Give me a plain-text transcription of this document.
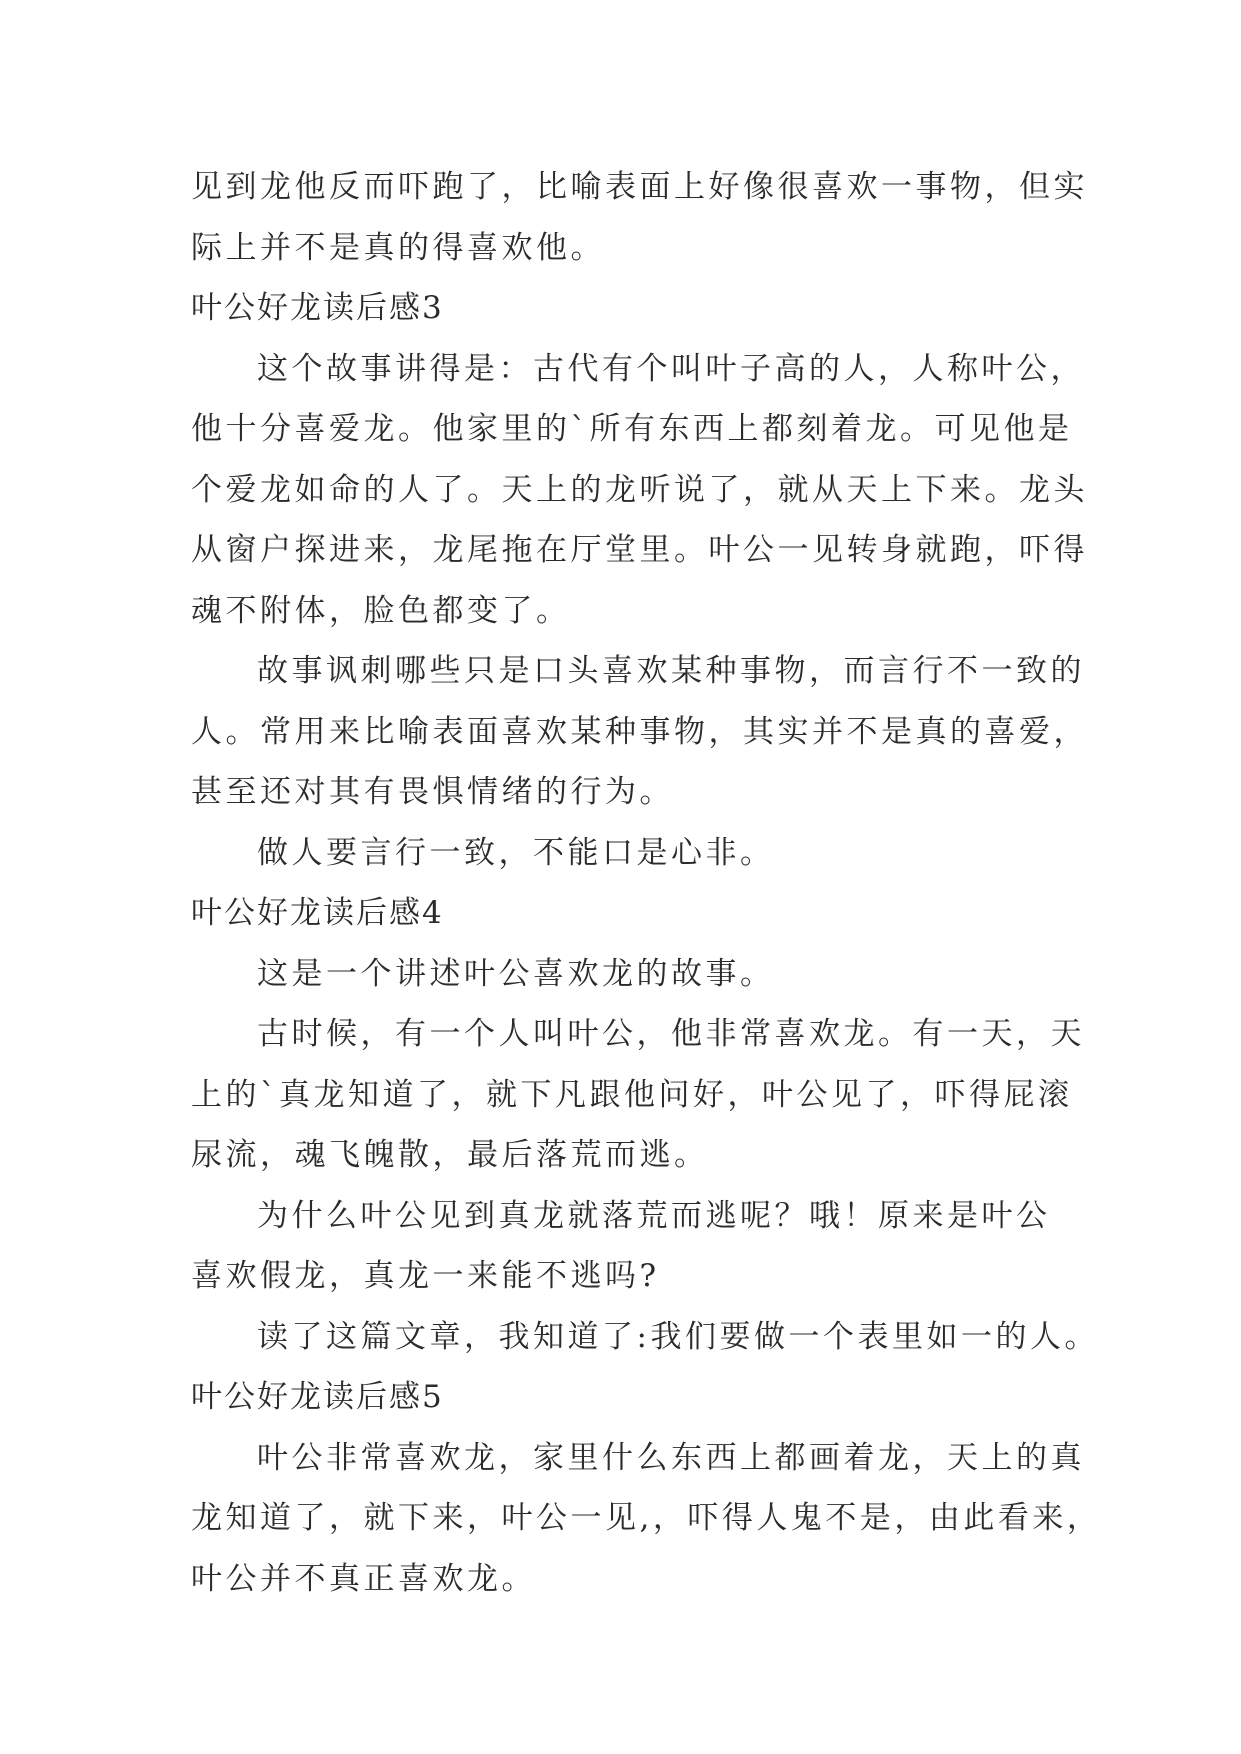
见到龙他反而吓跑了，比喻表面上好像很喜欢一事物，但实
际上并不是真的得喜欢他。
叶公好龙读后感3
这个故事讲得是：古代有个叫叶子高的人，人称叶公，
他十分喜爱龙。他家里的`所有东西上都刻着龙。可见他是
个爱龙如命的人了。天上的龙听说了，就从天上下来。龙头
从窗户探进来，龙尾拖在厅堂里。叶公一见转身就跑，吓得
魂不附体，脸色都变了。
故事讽刺哪些只是口头喜欢某种事物，而言行不一致的
人。常用来比喻表面喜欢某种事物，其实并不是真的喜爱，
甚至还对其有畏惧情绪的行为。
做人要言行一致，不能口是心非。
叶公好龙读后感4
这是一个讲述叶公喜欢龙的故事。
古时候，有一个人叫叶公，他非常喜欢龙。有一天，天
上的`真龙知道了，就下凡跟他问好，叶公见了，吓得屁滚
尿流，魂飞魄散，最后落荒而逃。
为什么叶公见到真龙就落荒而逃呢？哦！原来是叶公
喜欢假龙，真龙一来能不逃吗?
读了这篇文章，我知道了:我们要做一个表里如一的人。
叶公好龙读后感5
叶公非常喜欢龙，家里什么东西上都画着龙，天上的真
龙知道了，就下来，叶公一见,，吓得人鬼不是，由此看来，
叶公并不真正喜欢龙。
